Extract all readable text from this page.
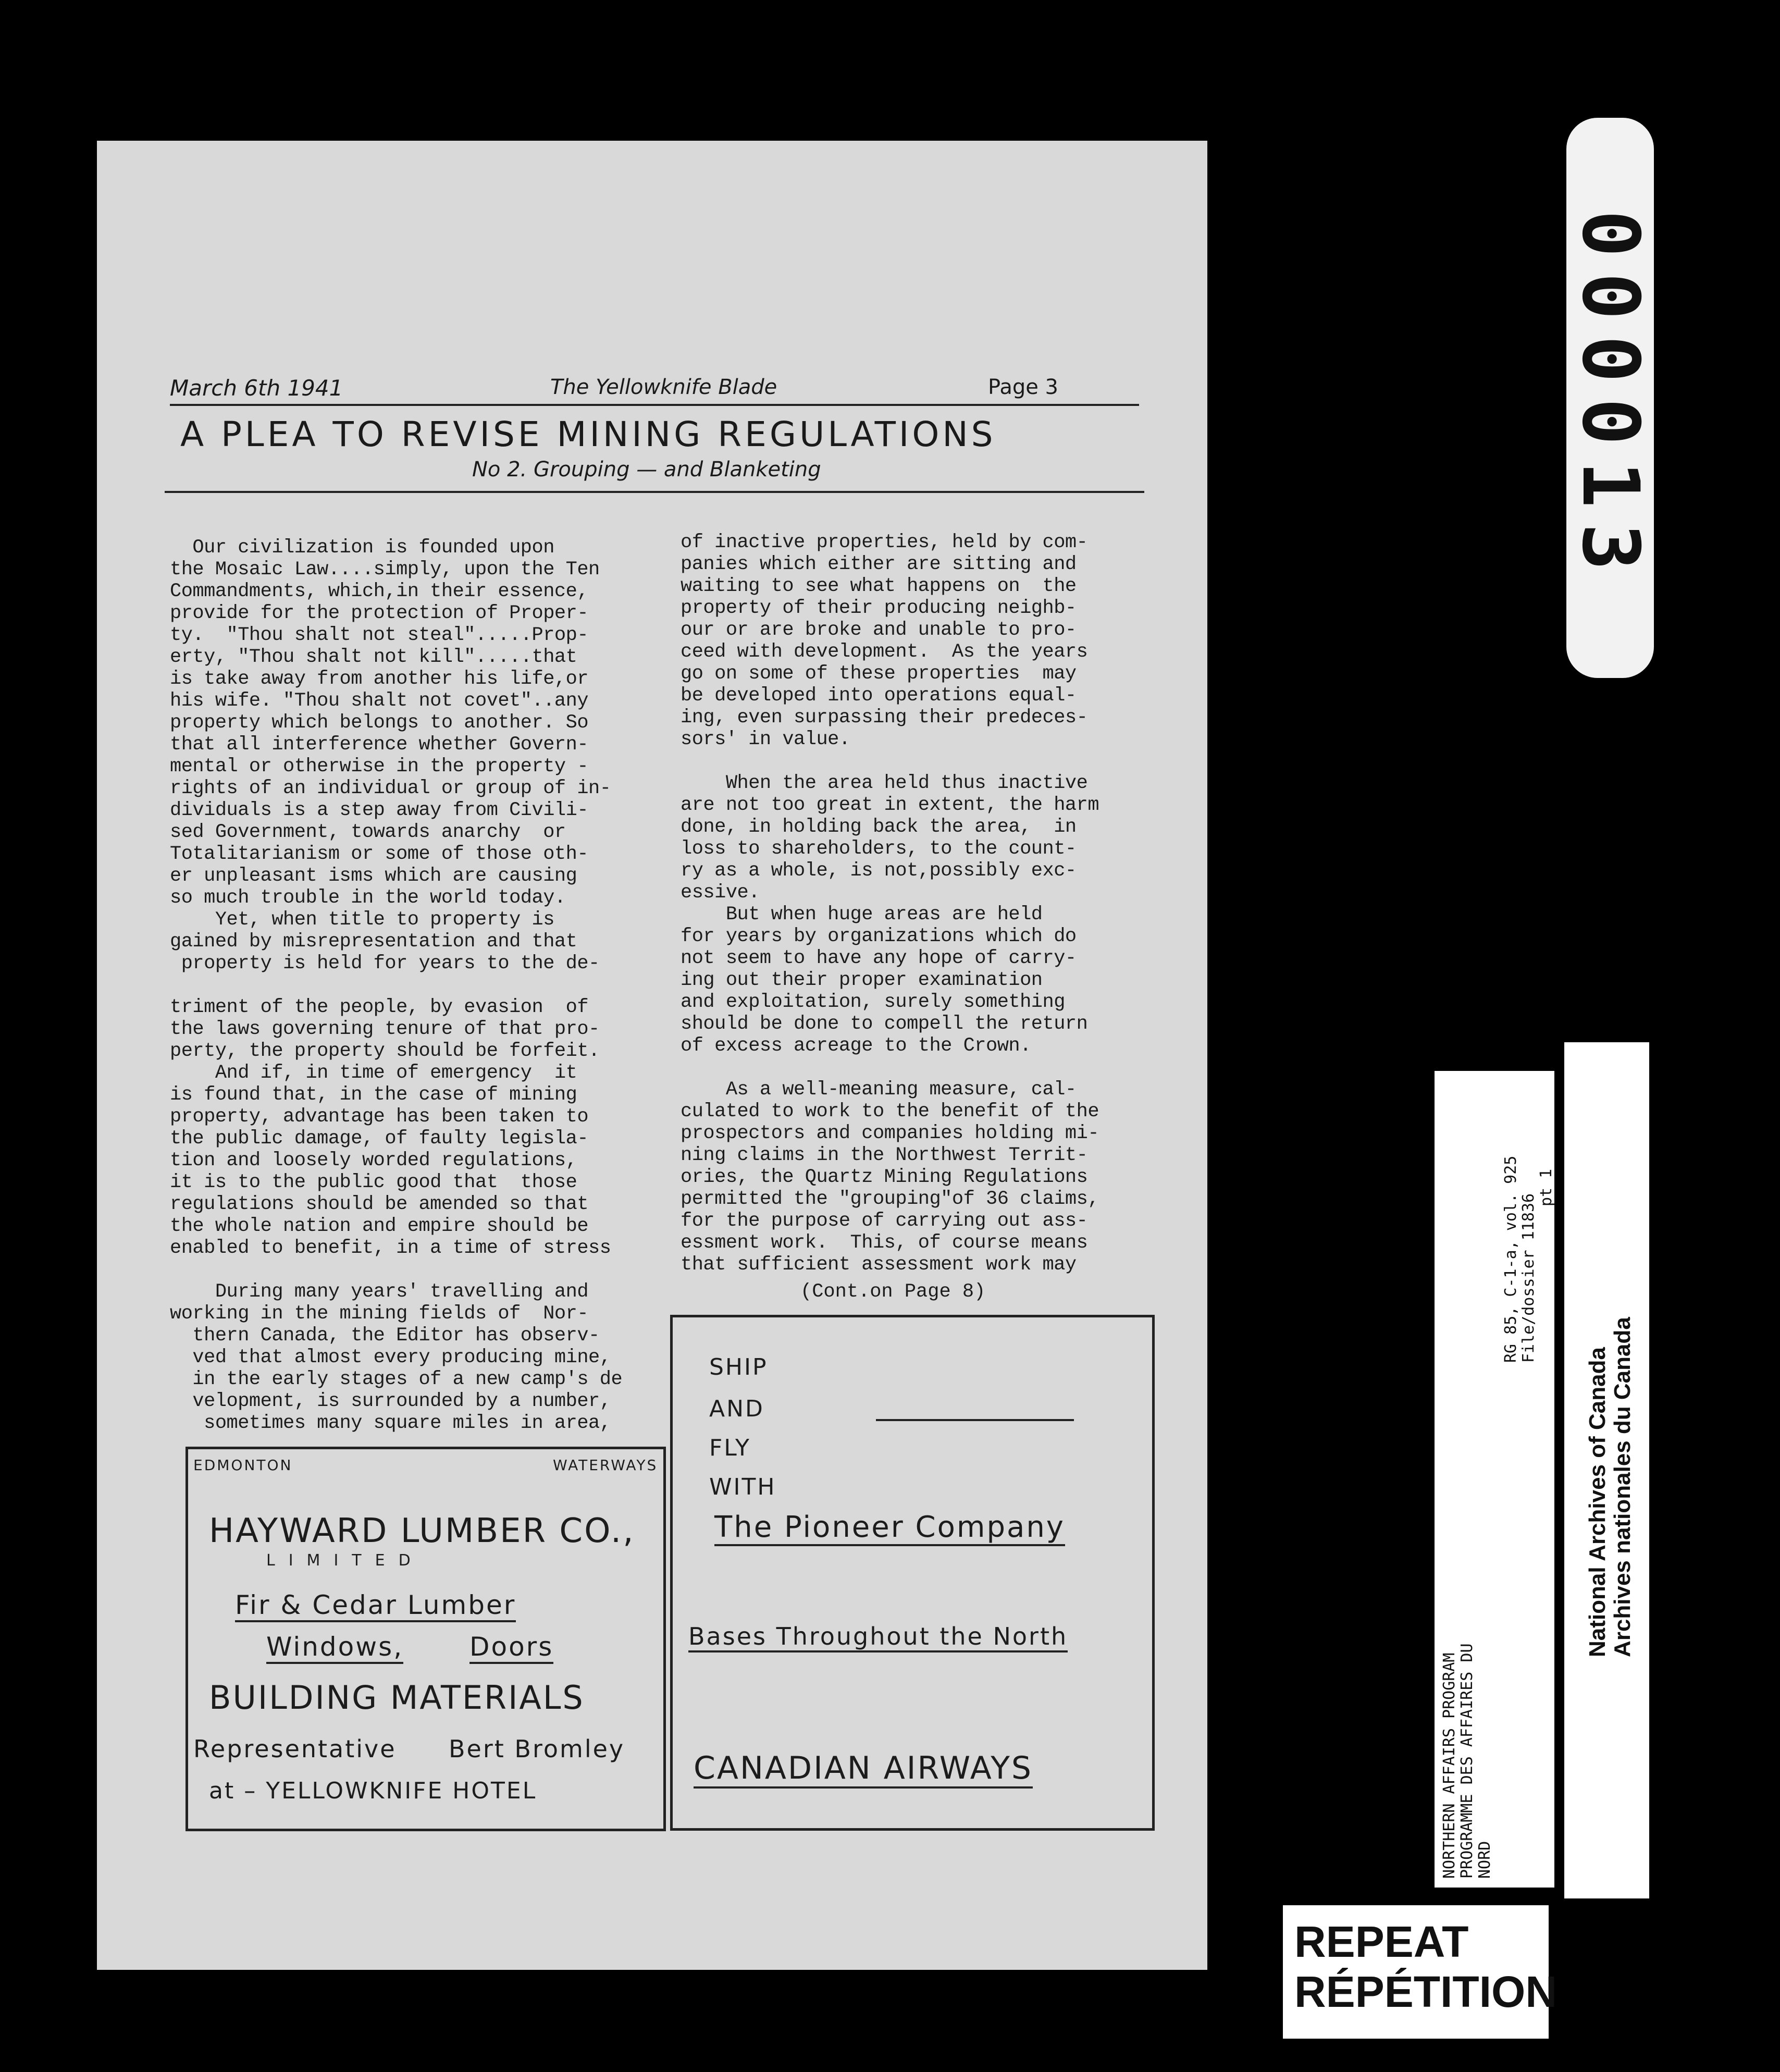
March 6th 1941	The Yellowknife Blade	Page 3
A PLEA TO REVISE MINING REGULATIONS
No 2. Grouping — and Blanketing

Our civilization is founded upon

the Mosaic Law....simply, upon the Ten

Commandments, which,in their essence,

provide for the protection of Proper-

ty.  "Thou shalt not steal".....Prop-

erty, "Thou shalt not kill".....that

is take away from another his life,or

his wife. "Thou shalt not covet"..any

property which belongs to another. So

that all interference whether Govern-

mental or otherwise in the property -

rights of an individual or group of in-

dividuals is a step away from Civili-

sed Government, towards anarchy  or

Totalitarianism or some of those oth-

er unpleasant isms which are causing

so much trouble in the world today.

Yet, when title to property is

gained by misrepresentation and that

property is held for years to the de-

triment of the people, by evasion  of

the laws governing tenure of that pro-

perty, the property should be forfeit.

And if, in time of emergency  it

is found that, in the case of mining

property, advantage has been taken to

the public damage, of faulty legisla-

tion and loosely worded regulations,

it is to the public good that  those

regulations should be amended so that

the whole nation and empire should be

enabled to benefit, in a time of stress

During many years' travelling and

working in the mining fields of  Nor-

thern Canada, the Editor has observ-

ved that almost every producing mine,

in the early stages of a new camp's de

velopment, is surrounded by a number,

sometimes many square miles in area,

of inactive properties, held by com-

panies which either are sitting and

waiting to see what happens on  the

property of their producing neighb-

our or are broke and unable to pro-

ceed with development.  As the years

go on some of these properties  may

be developed into operations equal-

ing, even surpassing their predeces-

sors' in value.

When the area held thus inactive

are not too great in extent, the harm

done, in holding back the area,  in

loss to shareholders, to the count-

ry as a whole, is not,possibly exc-

essive.

But when huge areas are held

for years by organizations which do

not seem to have any hope of carry-

ing out their proper examination

and exploitation, surely something

should be done to compell the return

of excess acreage to the Crown.

As a well-meaning measure, cal-

culated to work to the benefit of the

prospectors and companies holding mi-

ning claims in the Northwest Territ-

ories, the Quartz Mining Regulations

permitted the "grouping"of 36 claims,

for the purpose of carrying out ass-

essment work.  This, of course means

that sufficient assessment work may

(Cont.on Page 8)
EDMONTON	WATERWAYS
HAYWARD LUMBER CO.,
LIMITED
Fir & Cedar Lumber
Windows,	Doors
BUILDING MATERIALS
Representative Bert Bromley
at – YELLOWKNIFE HOTEL
SHIP
AND
FLY
WITH
The Pioneer Company
Bases Throughout the North
CANADIAN AIRWAYS
000013
NORTHERN AFFAIRS PROGRAM PROGRAMME DES AFFAIRES DU NORD
RG 85, C-1-a, vol. 925 File/dossier 11836
pt 1
National Archives of Canada Archives nationales du Canada
REPEAT
RÉPÉTITION
